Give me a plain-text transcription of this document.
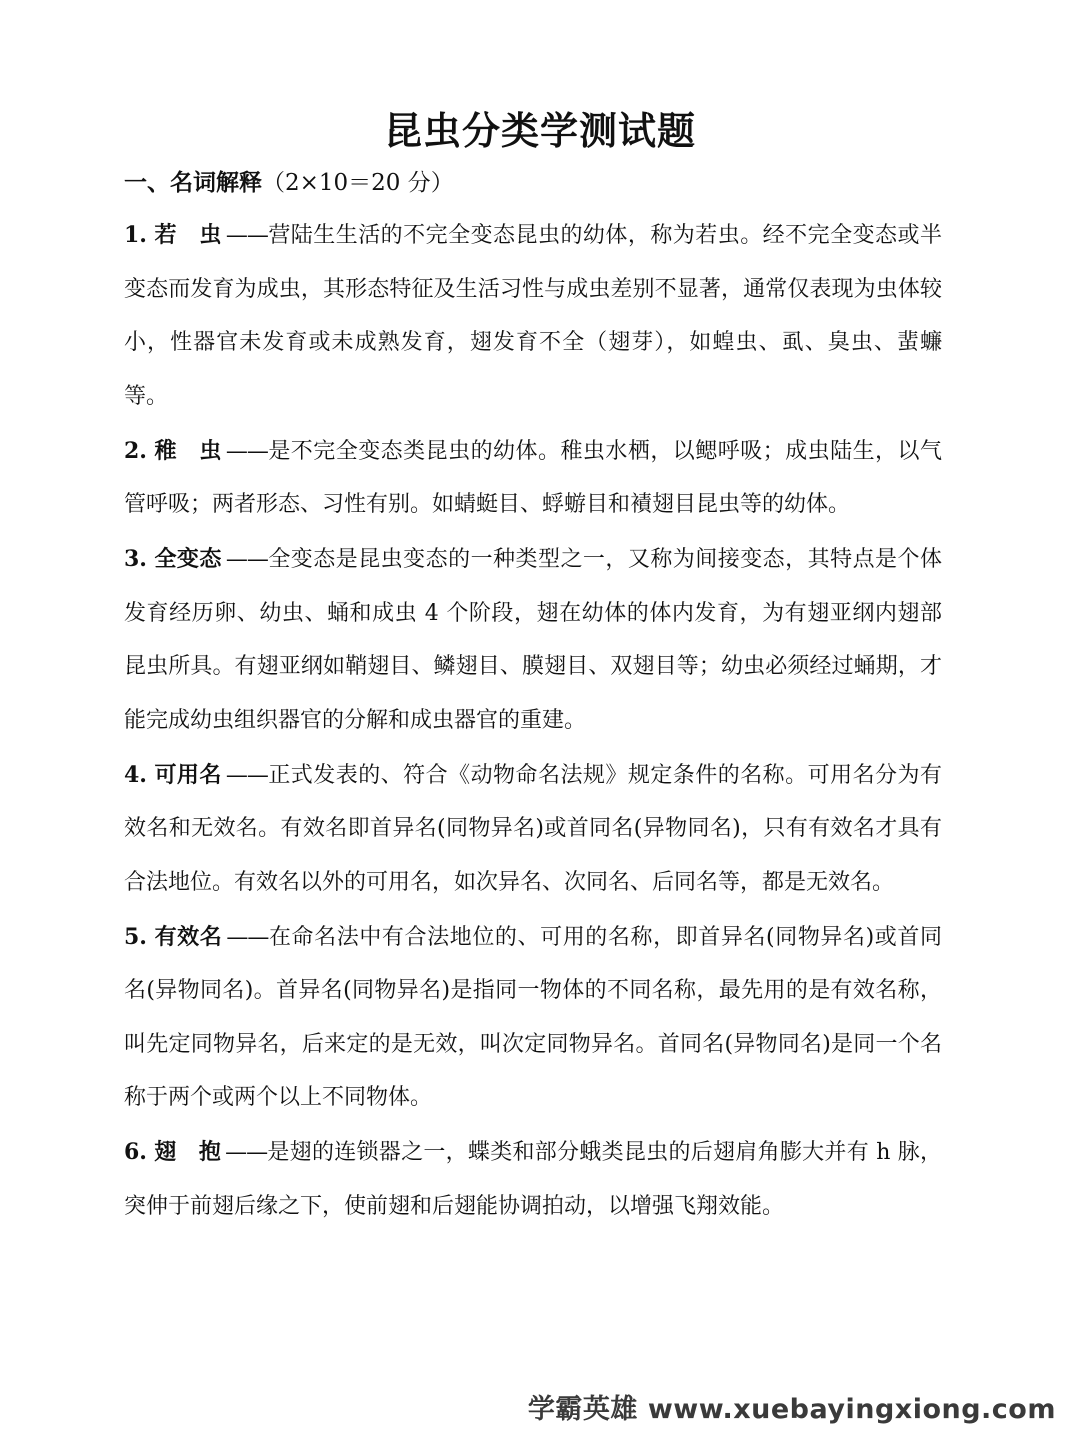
昆虫分类学测试题
一、名词解释（2×10＝20 分）
1. 若　虫 ——营陆生生活的不完全变态昆虫的幼体，称为若虫。经不完全变态或半变态而发育为成虫，其形态特征及生活习性与成虫差别不显著，通常仅表现为虫体较小，性器官未发育或未成熟发育，翅发育不全（翅芽），如蝗虫、虱、臭虫、蜚蠊等。
2. 稚　虫 ——是不完全变态类昆虫的幼体。稚虫水栖，以鳃呼吸；成虫陆生，以气管呼吸；两者形态、习性有别。如蜻蜓目、蜉蝣目和襀翅目昆虫等的幼体。
3. 全变态 ——全变态是昆虫变态的一种类型之一，又称为间接变态，其特点是个体发育经历卵、幼虫、蛹和成虫 4 个阶段，翅在幼体的体内发育，为有翅亚纲内翅部昆虫所具。有翅亚纲如鞘翅目、鳞翅目、膜翅目、双翅目等；幼虫必须经过蛹期，才能完成幼虫组织器官的分解和成虫器官的重建。
4. 可用名 ——正式发表的、符合《动物命名法规》规定条件的名称。可用名分为有效名和无效名。有效名即首异名(同物异名)或首同名(异物同名)，只有有效名才具有合法地位。有效名以外的可用名，如次异名、次同名、后同名等，都是无效名。
5. 有效名 ——在命名法中有合法地位的、可用的名称，即首异名(同物异名)或首同名(异物同名)。首异名(同物异名)是指同一物体的不同名称，最先用的是有效名称，叫先定同物异名，后来定的是无效，叫次定同物异名。首同名(异物同名)是同一个名称于两个或两个以上不同物体。
6. 翅　抱 ——是翅的连锁器之一，蝶类和部分蛾类昆虫的后翅肩角膨大并有 h 脉，突伸于前翅后缘之下，使前翅和后翅能协调拍动，以增强飞翔效能。
学霸英雄 www.xuebayingxiong.com
